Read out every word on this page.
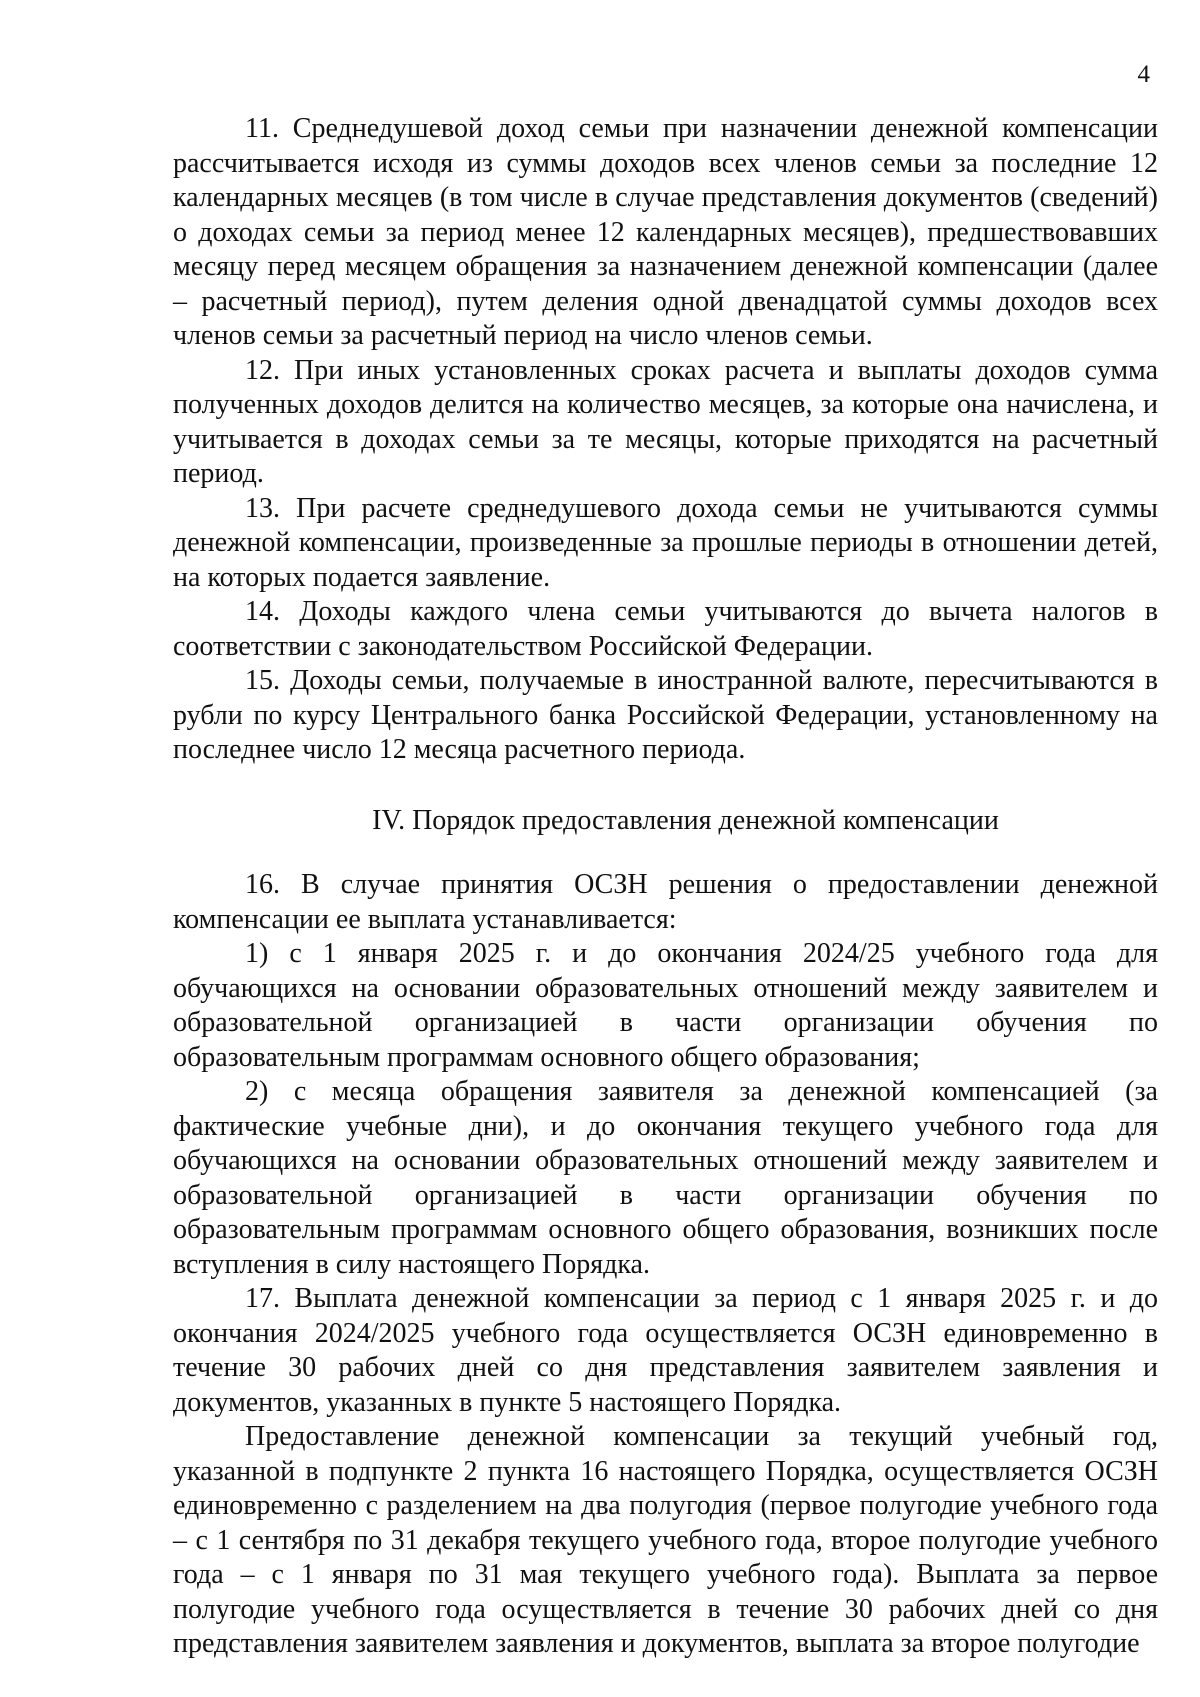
4

11. Среднедушевой доход семьи при назначении денежной компенсации рассчитывается исходя из суммы доходов всех членов семьи за последние 12 календарных месяцев (в том числе в случае представления документов (сведений) о доходах семьи за период менее 12 календарных месяцев), предшествовавших месяцу перед месяцем обращения за назначением денежной компенсации (далее – расчетный период), путем деления одной двенадцатой суммы доходов всех членов семьи за расчетный период на число членов семьи.

12. При иных установленных сроках расчета и выплаты доходов сумма полученных доходов делится на количество месяцев, за которые она начислена, и учитывается в доходах семьи за те месяцы, которые приходятся на расчетный период.

13. При расчете среднедушевого дохода семьи не учитываются суммы денежной компенсации, произведенные за прошлые периоды в отношении детей, на которых подается заявление.

14. Доходы каждого члена семьи учитываются до вычета налогов в соответствии с законодательством Российской Федерации.

15. Доходы семьи, получаемые в иностранной валюте, пересчитываются в рубли по курсу Центрального банка Российской Федерации, установленному на последнее число 12 месяца расчетного периода.

IV. Порядок предоставления денежной компенсации

16. В случае принятия ОСЗН решения о предоставлении денежной компенсации ее выплата устанавливается:

1) с 1 января 2025 г. и до окончания 2024/25 учебного года для обучающихся на основании образовательных отношений между заявителем и образовательной организацией в части организации обучения по образовательным программам основного общего образования;

2) с месяца обращения заявителя за денежной компенсацией (за фактические учебные дни), и до окончания текущего учебного года для обучающихся на основании образовательных отношений между заявителем и образовательной организацией в части организации обучения по образовательным программам основного общего образования, возникших после вступления в силу настоящего Порядка.

17. Выплата денежной компенсации за период с 1 января 2025 г. и до окончания 2024/2025 учебного года осуществляется ОСЗН единовременно в течение 30 рабочих дней со дня представления заявителем заявления и документов, указанных в пункте 5 настоящего Порядка.

Предоставление денежной компенсации за текущий учебный год, указанной в подпункте 2 пункта 16 настоящего Порядка, осуществляется ОСЗН единовременно с разделением на два полугодия (первое полугодие учебного года – с 1 сентября по 31 декабря текущего учебного года, второе полугодие учебного года – с 1 января по 31 мая текущего учебного года). Выплата за первое полугодие учебного года осуществляется в течение 30 рабочих дней со дня представления заявителем заявления и документов, выплата за второе полугодие
